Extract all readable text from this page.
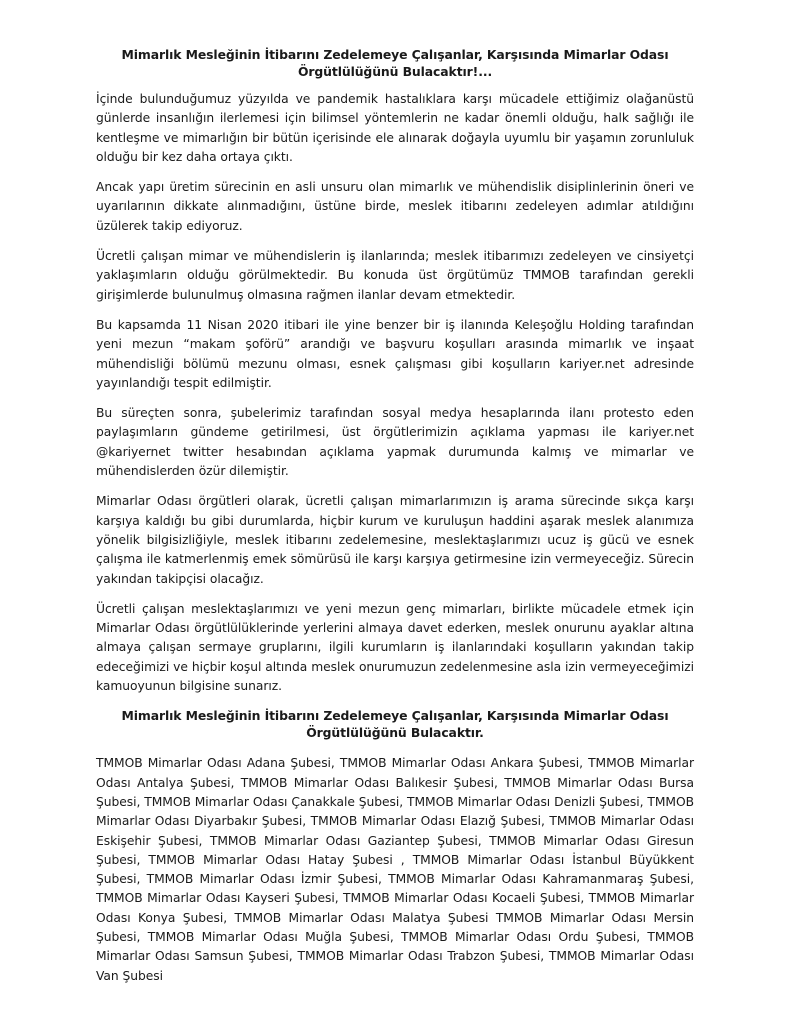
Mimarlık Mesleğinin İtibarını Zedelemeye Çalışanlar, Karşısında Mimarlar Odası
Örgütlülüğünü Bulacaktır!...

İçinde bulunduğumuz yüzyılda ve pandemik hastalıklara karşı mücadele ettiğimiz olağanüstü günlerde insanlığın ilerlemesi için bilimsel yöntemlerin ne kadar önemli olduğu, halk sağlığı ile kentleşme ve mimarlığın bir bütün içerisinde ele alınarak doğayla uyumlu bir yaşamın zorunluluk olduğu bir kez daha ortaya çıktı.

Ancak yapı üretim sürecinin en asli unsuru olan mimarlık ve mühendislik disiplinlerinin öneri ve uyarılarının dikkate alınmadığını, üstüne birde, meslek itibarını zedeleyen adımlar atıldığını üzülerek takip ediyoruz.

Ücretli çalışan mimar ve mühendislerin iş ilanlarında; meslek itibarımızı zedeleyen ve cinsiyetçi yaklaşımların olduğu görülmektedir. Bu konuda üst örgütümüz TMMOB tarafından gerekli girişimlerde bulunulmuş olmasına rağmen ilanlar devam etmektedir.

Bu kapsamda 11 Nisan 2020 itibari ile yine benzer bir iş ilanında Keleşoğlu Holding tarafından yeni mezun “makam şoförü” arandığı ve başvuru koşulları arasında mimarlık ve inşaat mühendisliği bölümü mezunu olması, esnek çalışması gibi koşulların kariyer.net adresinde yayınlandığı tespit edilmiştir.

Bu süreçten sonra, şubelerimiz tarafından sosyal medya hesaplarında ilanı protesto eden paylaşımların gündeme getirilmesi, üst örgütlerimizin açıklama yapması ile kariyer.net @kariyernet twitter hesabından açıklama yapmak durumunda kalmış ve mimarlar ve mühendislerden özür dilemiştir.

Mimarlar Odası örgütleri olarak, ücretli çalışan mimarlarımızın iş arama sürecinde sıkça karşı karşıya kaldığı bu gibi durumlarda, hiçbir kurum ve kuruluşun haddini aşarak meslek alanımıza yönelik bilgisizliğiyle, meslek itibarını zedelemesine, meslektaşlarımızı ucuz iş gücü ve esnek çalışma ile katmerlenmiş emek sömürüsü ile karşı karşıya getirmesine izin vermeyeceğiz. Sürecin yakından takipçisi olacağız.

Ücretli çalışan meslektaşlarımızı ve yeni mezun genç mimarları, birlikte mücadele etmek için Mimarlar Odası örgütlülüklerinde yerlerini almaya davet ederken, meslek onurunu ayaklar altına almaya çalışan sermaye gruplarını, ilgili kurumların iş ilanlarındaki koşulların yakından takip edeceğimizi ve hiçbir koşul altında meslek onurumuzun zedelenmesine asla izin vermeyeceğimizi kamuoyunun bilgisine sunarız.

Mimarlık Mesleğinin İtibarını Zedelemeye Çalışanlar, Karşısında Mimarlar Odası
Örgütlülüğünü Bulacaktır.

TMMOB Mimarlar Odası Adana Şubesi, TMMOB Mimarlar Odası Ankara Şubesi, TMMOB Mimarlar Odası Antalya Şubesi, TMMOB Mimarlar Odası Balıkesir Şubesi, TMMOB Mimarlar Odası Bursa Şubesi, TMMOB Mimarlar Odası Çanakkale Şubesi, TMMOB Mimarlar Odası Denizli Şubesi, TMMOB Mimarlar Odası Diyarbakır Şubesi, TMMOB Mimarlar Odası Elazığ Şubesi, TMMOB Mimarlar Odası Eskişehir Şubesi, TMMOB Mimarlar Odası Gaziantep Şubesi, TMMOB Mimarlar Odası Giresun Şubesi, TMMOB Mimarlar Odası Hatay Şubesi , TMMOB Mimarlar Odası İstanbul Büyükkent Şubesi, TMMOB Mimarlar Odası İzmir Şubesi, TMMOB Mimarlar Odası Kahramanmaraş Şubesi, TMMOB Mimarlar Odası Kayseri Şubesi, TMMOB Mimarlar Odası Kocaeli Şubesi, TMMOB Mimarlar Odası Konya Şubesi, TMMOB Mimarlar Odası Malatya Şubesi TMMOB Mimarlar Odası Mersin Şubesi, TMMOB Mimarlar Odası Muğla Şubesi, TMMOB Mimarlar Odası Ordu Şubesi, TMMOB Mimarlar Odası Samsun Şubesi, TMMOB Mimarlar Odası Trabzon Şubesi, TMMOB Mimarlar Odası Van Şubesi
